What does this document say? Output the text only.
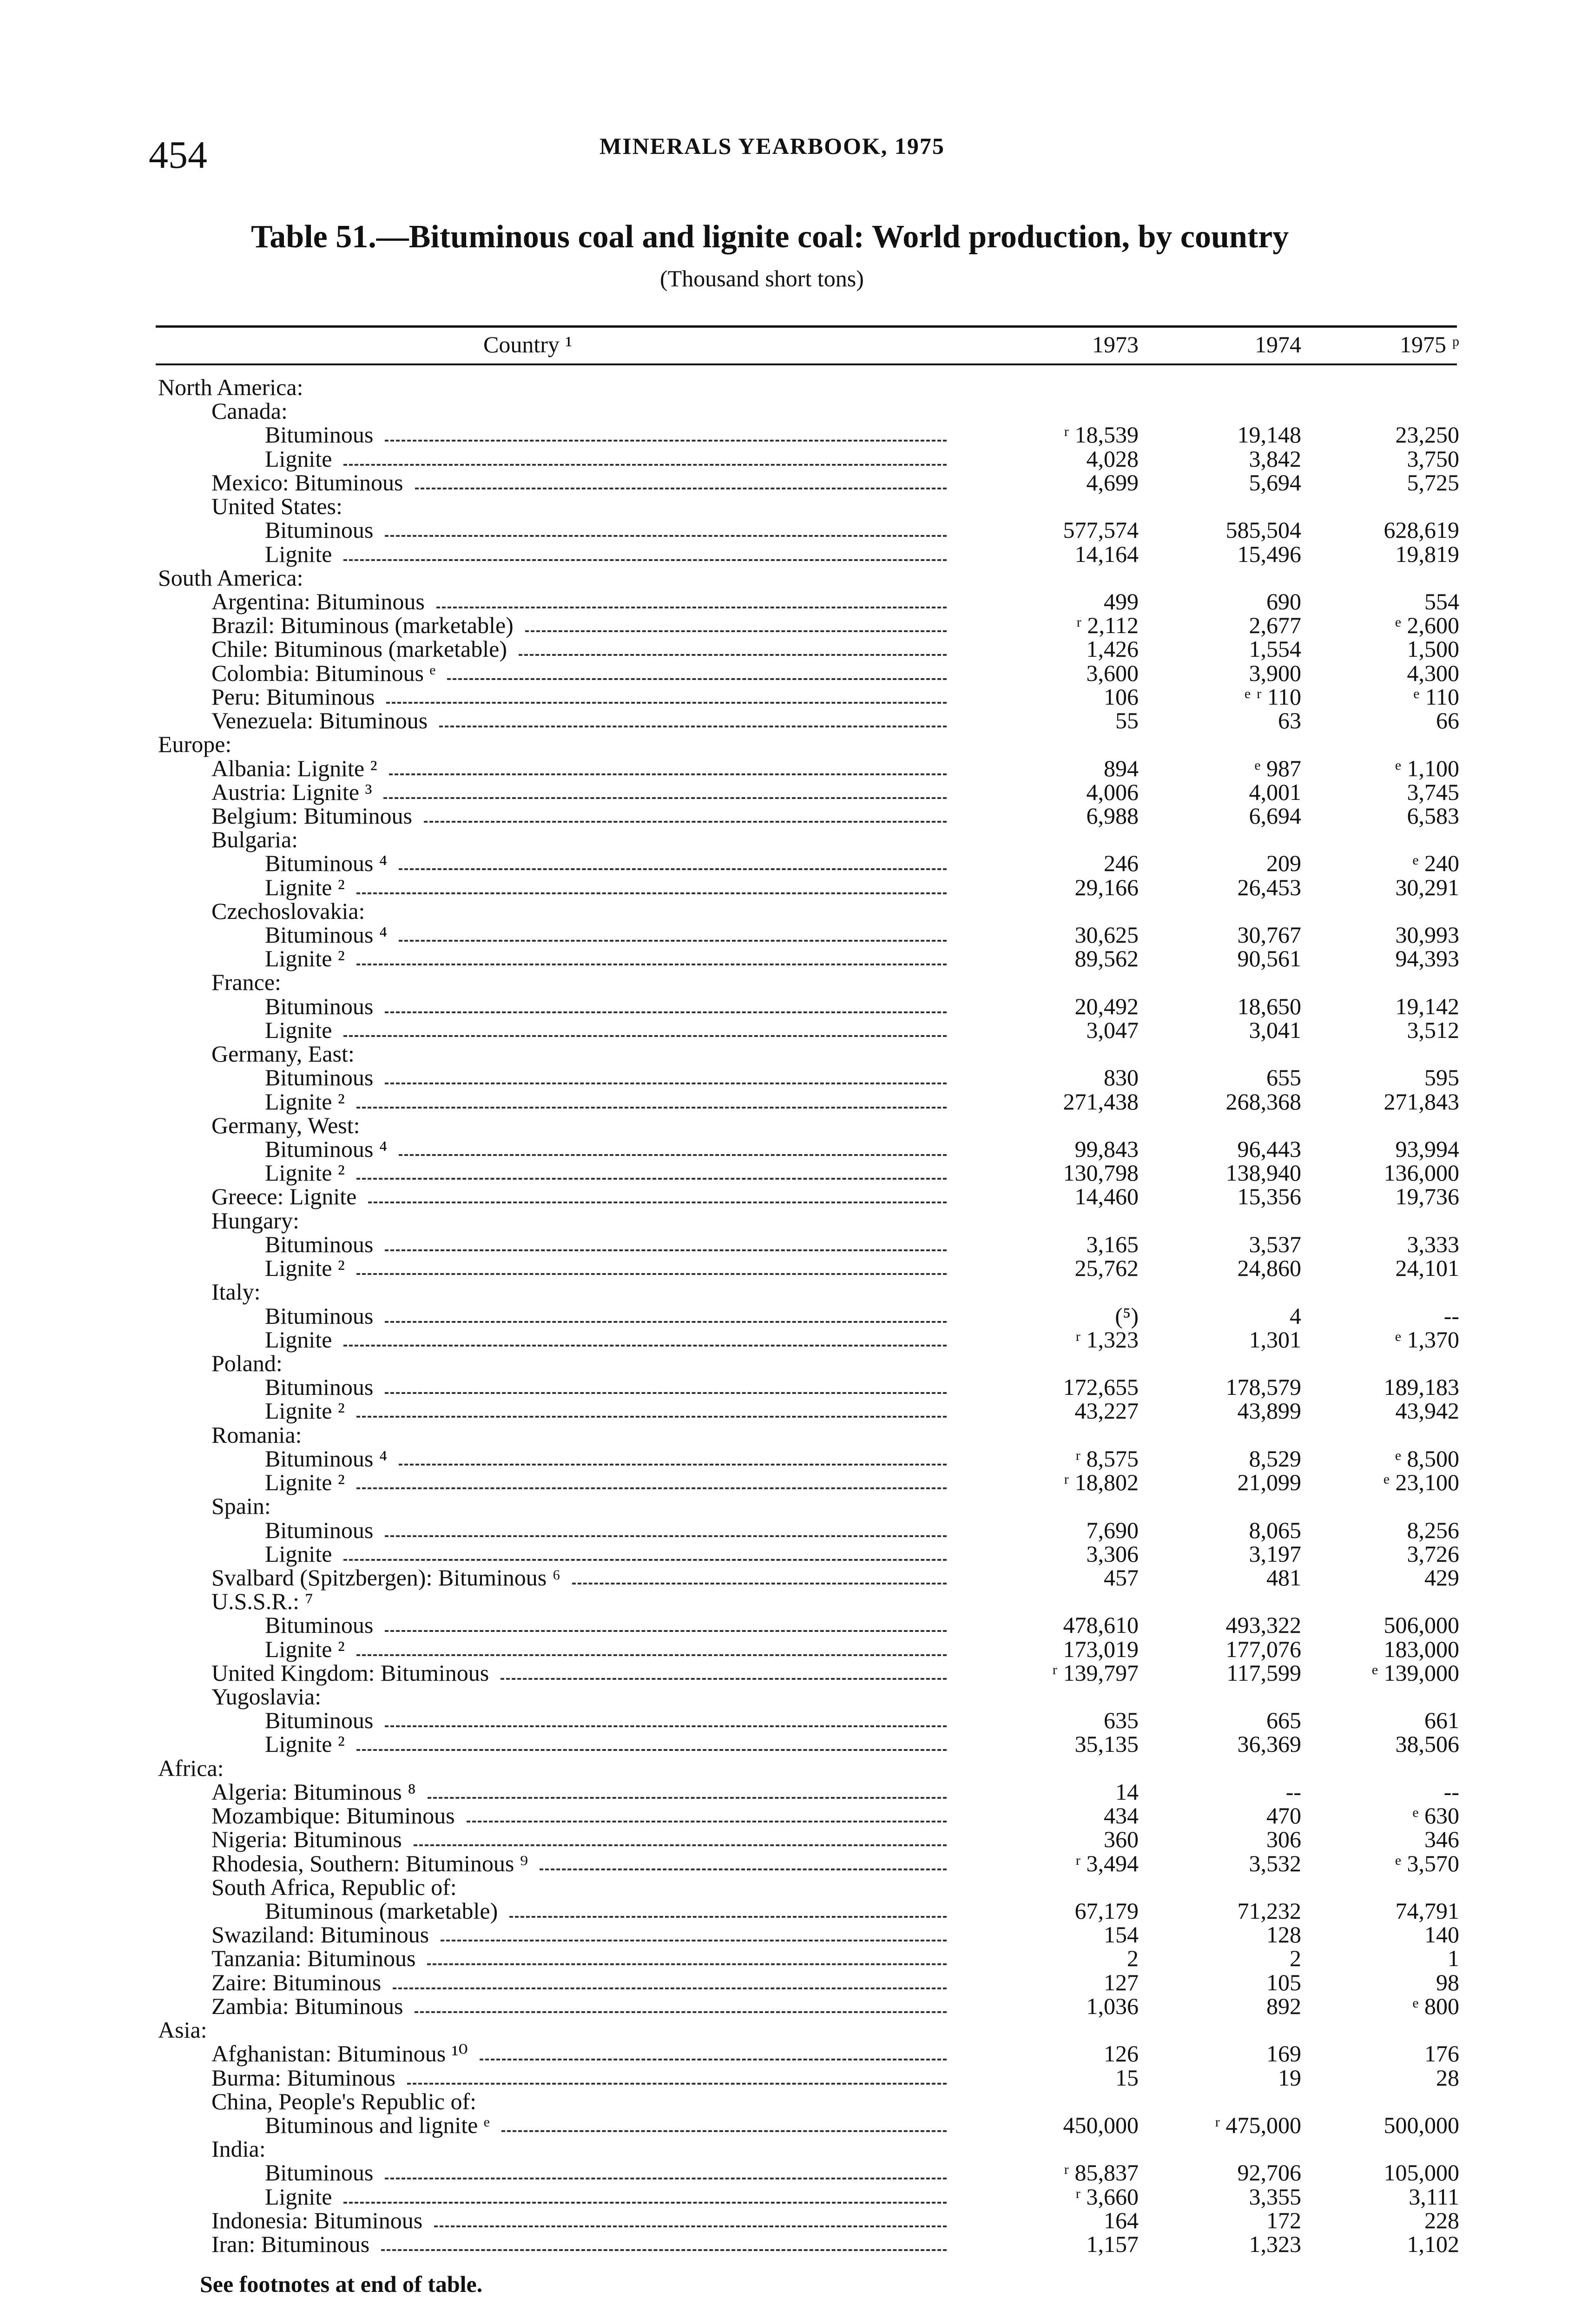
454	MINERALS YEARBOOK, 1975
Table 51.—Bituminous coal and lignite coal: World production, by country
(Thousand short tons)
Country ¹	1973	1974	1975 ᵖ
North America:
Canada:
Bituminous	ʳ 18,539	19,148	23,250
Lignite	4,028	3,842	3,750
Mexico: Bituminous	4,699	5,694	5,725
United States:
Bituminous	577,574	585,504	628,619
Lignite	14,164	15,496	19,819
South America:
Argentina: Bituminous	499	690	554
Brazil: Bituminous (marketable)	ʳ 2,112	2,677	ᵉ 2,600
Chile: Bituminous (marketable)	1,426	1,554	1,500
Colombia: Bituminous ᵉ	3,600	3,900	4,300
Peru: Bituminous	106	ᵉ ʳ 110	ᵉ 110
Venezuela: Bituminous	55	63	66
Europe:
Albania: Lignite ²	894	ᵉ 987	ᵉ 1,100
Austria: Lignite ³	4,006	4,001	3,745
Belgium: Bituminous	6,988	6,694	6,583
Bulgaria:
Bituminous ⁴	246	209	ᵉ 240
Lignite ²	29,166	26,453	30,291
Czechoslovakia:
Bituminous ⁴	30,625	30,767	30,993
Lignite ²	89,562	90,561	94,393
France:
Bituminous	20,492	18,650	19,142
Lignite	3,047	3,041	3,512
Germany, East:
Bituminous	830	655	595
Lignite ²	271,438	268,368	271,843
Germany, West:
Bituminous ⁴	99,843	96,443	93,994
Lignite ²	130,798	138,940	136,000
Greece: Lignite	14,460	15,356	19,736
Hungary:
Bituminous	3,165	3,537	3,333
Lignite ²	25,762	24,860	24,101
Italy:
Bituminous	(⁵)	4	--
Lignite	ʳ 1,323	1,301	ᵉ 1,370
Poland:
Bituminous	172,655	178,579	189,183
Lignite ²	43,227	43,899	43,942
Romania:
Bituminous ⁴	ʳ 8,575	8,529	ᵉ 8,500
Lignite ²	ʳ 18,802	21,099	ᵉ 23,100
Spain:
Bituminous	7,690	8,065	8,256
Lignite	3,306	3,197	3,726
Svalbard (Spitzbergen): Bituminous ⁶	457	481	429
U.S.S.R.: ⁷
Bituminous	478,610	493,322	506,000
Lignite ²	173,019	177,076	183,000
United Kingdom: Bituminous	ʳ 139,797	117,599	ᵉ 139,000
Yugoslavia:
Bituminous	635	665	661
Lignite ²	35,135	36,369	38,506
Africa:
Algeria: Bituminous ⁸	14	--	--
Mozambique: Bituminous	434	470	ᵉ 630
Nigeria: Bituminous	360	306	346
Rhodesia, Southern: Bituminous ⁹	ʳ 3,494	3,532	ᵉ 3,570
South Africa, Republic of:
Bituminous (marketable)	67,179	71,232	74,791
Swaziland: Bituminous	154	128	140
Tanzania: Bituminous	2	2	1
Zaire: Bituminous	127	105	98
Zambia: Bituminous	1,036	892	ᵉ 800
Asia:
Afghanistan: Bituminous ¹⁰	126	169	176
Burma: Bituminous	15	19	28
China, People's Republic of:
Bituminous and lignite ᵉ	450,000	ʳ 475,000	500,000
India:
Bituminous	ʳ 85,837	92,706	105,000
Lignite	ʳ 3,660	3,355	3,111
Indonesia: Bituminous	164	172	228
Iran: Bituminous	1,157	1,323	1,102
See footnotes at end of table.
